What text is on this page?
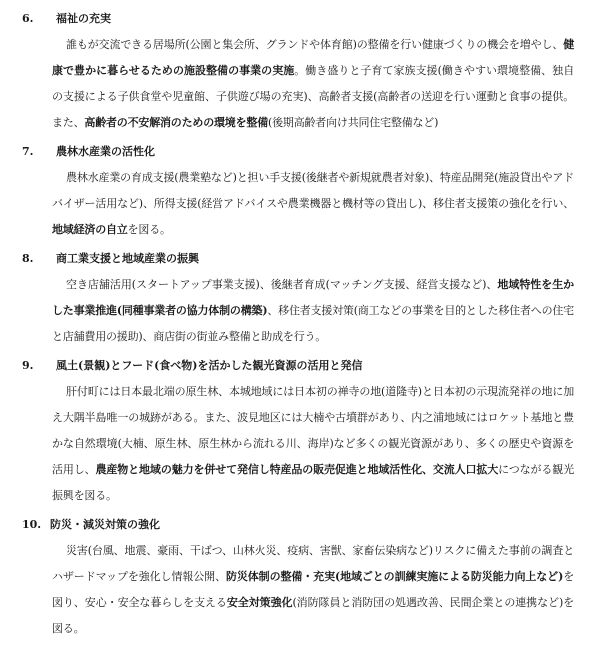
6. 福祉の充実

誰もが交流できる居場所(公園と集会所、グランドや体育館)の整備を行い健康づくりの機会を増やし、健康で豊かに暮らせるための施設整備の事業の実施。働き盛りと子育て家族支援(働きやすい環境整備、独自の支援による子供食堂や児童館、子供遊び場の充実)、高齢者支援(高齢者の送迎を行い運動と食事の提供。また、高齢者の不安解消のための環境を整備(後期高齢者向け共同住宅整備など)

7. 農林水産業の活性化

農林水産業の育成支援(農業塾など)と担い手支援(後継者や新規就農者対象)、特産品開発(施設貸出やアドバイザー活用など)、所得支援(経営アドバイスや農業機器と機材等の貸出し)、移住者支援策の強化を行い、地域経済の自立を図る。

8. 商工業支援と地域産業の振興

空き店舗活用(スタートアップ事業支援)、後継者育成(マッチング支援、経営支援など)、地域特性を生かした事業推進(同種事業者の協力体制の構築)、移住者支援対策(商工などの事業を目的とした移住者への住宅と店舗費用の援助)、商店街の街並み整備と助成を行う。

9. 風土(景観)とフード(食べ物)を活かした観光資源の活用と発信

肝付町には日本最北端の原生林、本城地域には日本初の禅寺の地(道隆寺)と日本初の示現流発祥の地に加え大隅半島唯一の城跡がある。また、波見地区には大楠や古墳群があり、内之浦地域にはロケット基地と豊かな自然環境(大楠、原生林、原生林から流れる川、海岸)など多くの観光資源があり、多くの歴史や資源を活用し、農産物と地域の魅力を併せて発信し特産品の販売促進と地域活性化、交流人口拡大につながる観光振興を図る。

10. 防災・減災対策の強化

災害(台風、地震、豪雨、干ばつ、山林火災、疫病、害獣、家畜伝染病など)リスクに備えた事前の調査とハザードマップを強化し情報公開、防災体制の整備・充実(地域ごとの訓練実施による防災能力向上など)を図り、安心・安全な暮らしを支える安全対策強化(消防隊員と消防団の処遇改善、民間企業との連携など)を図る。
